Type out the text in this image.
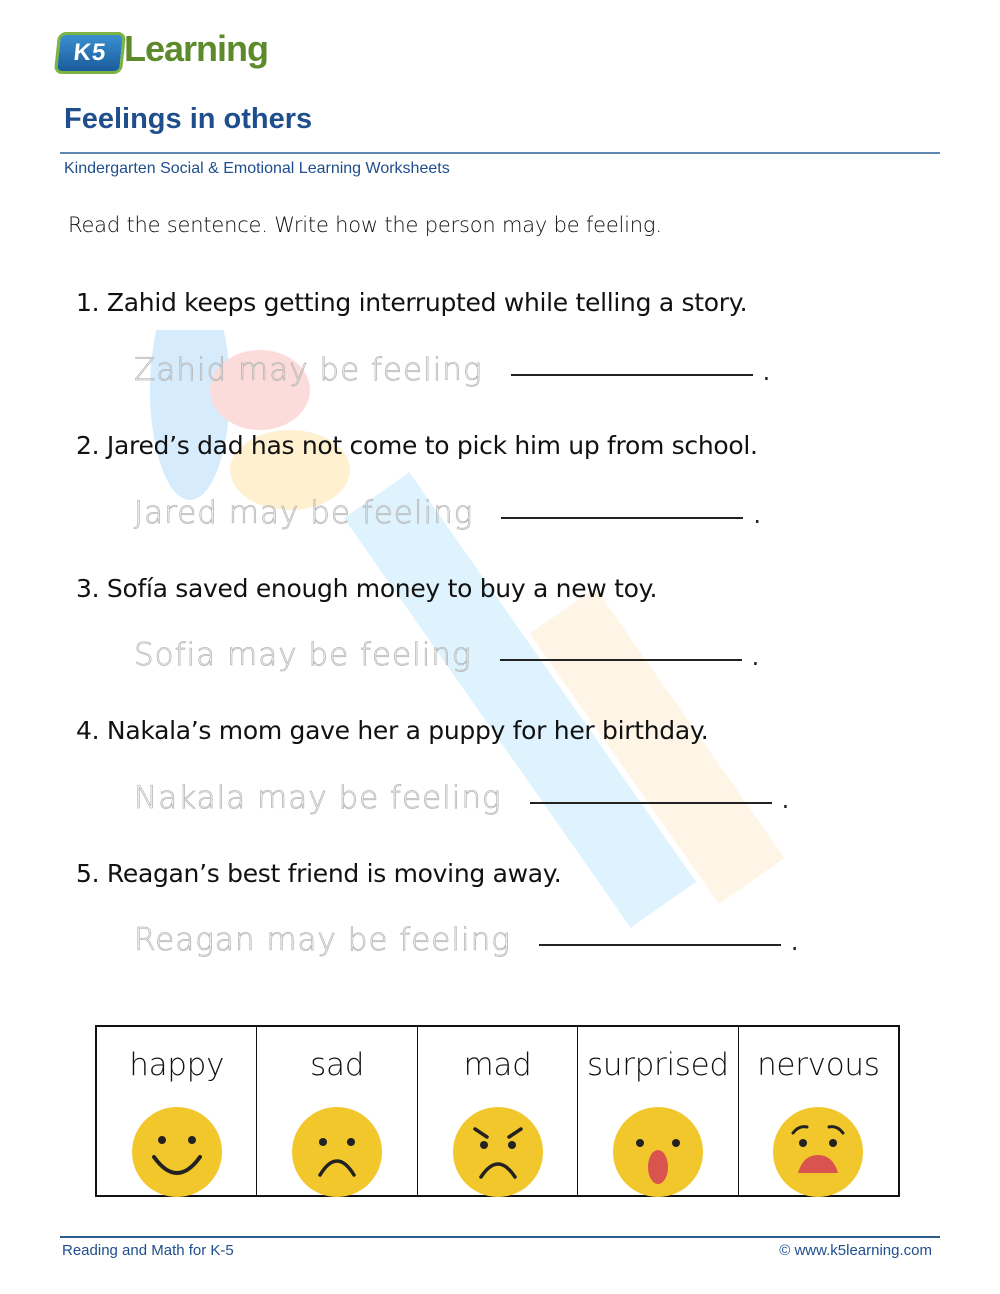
K5 Learning
Feelings in others
Kindergarten Social & Emotional Learning Worksheets
Read the sentence. Write how the person may be feeling.
1. Zahid keeps getting interrupted while telling a story.
Zahid may be feeling	.
2. Jared’s dad has not come to pick him up from school.
Jared may be feeling	.
3. Sofía saved enough money to buy a new toy.
Sofia may be feeling	.
4. Nakala’s mom gave her a puppy for her birthday.
Nakala may be feeling	.
5. Reagan’s best friend is moving away.
Reagan may be feeling	.
happy	sad	mad	surprised nervous
Reading and Math for K-5	© www.k5learning.com
